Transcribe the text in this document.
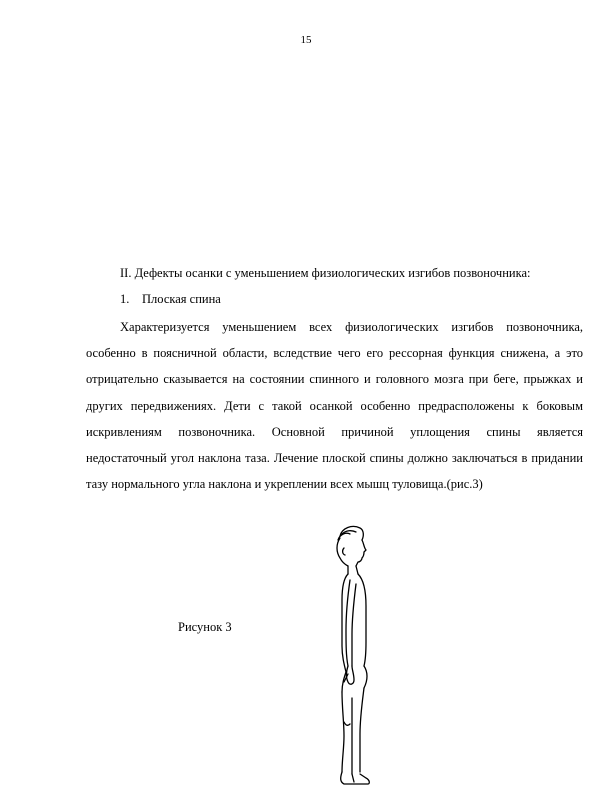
15
II. Дефекты осанки с уменьшением физиологических изгибов позвоночника:
1. Плоская спина

Характеризуется уменьшением всех физиологических изгибов позвоночника, особенно в поясничной области, вследствие чего его рессорная функция снижена, а это отрицательно сказывается на состоянии спинного и головного мозга при беге, прыжках и других передвижениях. Дети с такой осанкой особенно предрасположены к боковым искривлениям позвоночника. Основной причиной уплощения спины является недостаточный угол наклона таза. Лечение плоской спины должно заключаться в придании тазу нормального угла наклона и укреплении всех мышц туловища.(рис.3)

Рисунок 3
